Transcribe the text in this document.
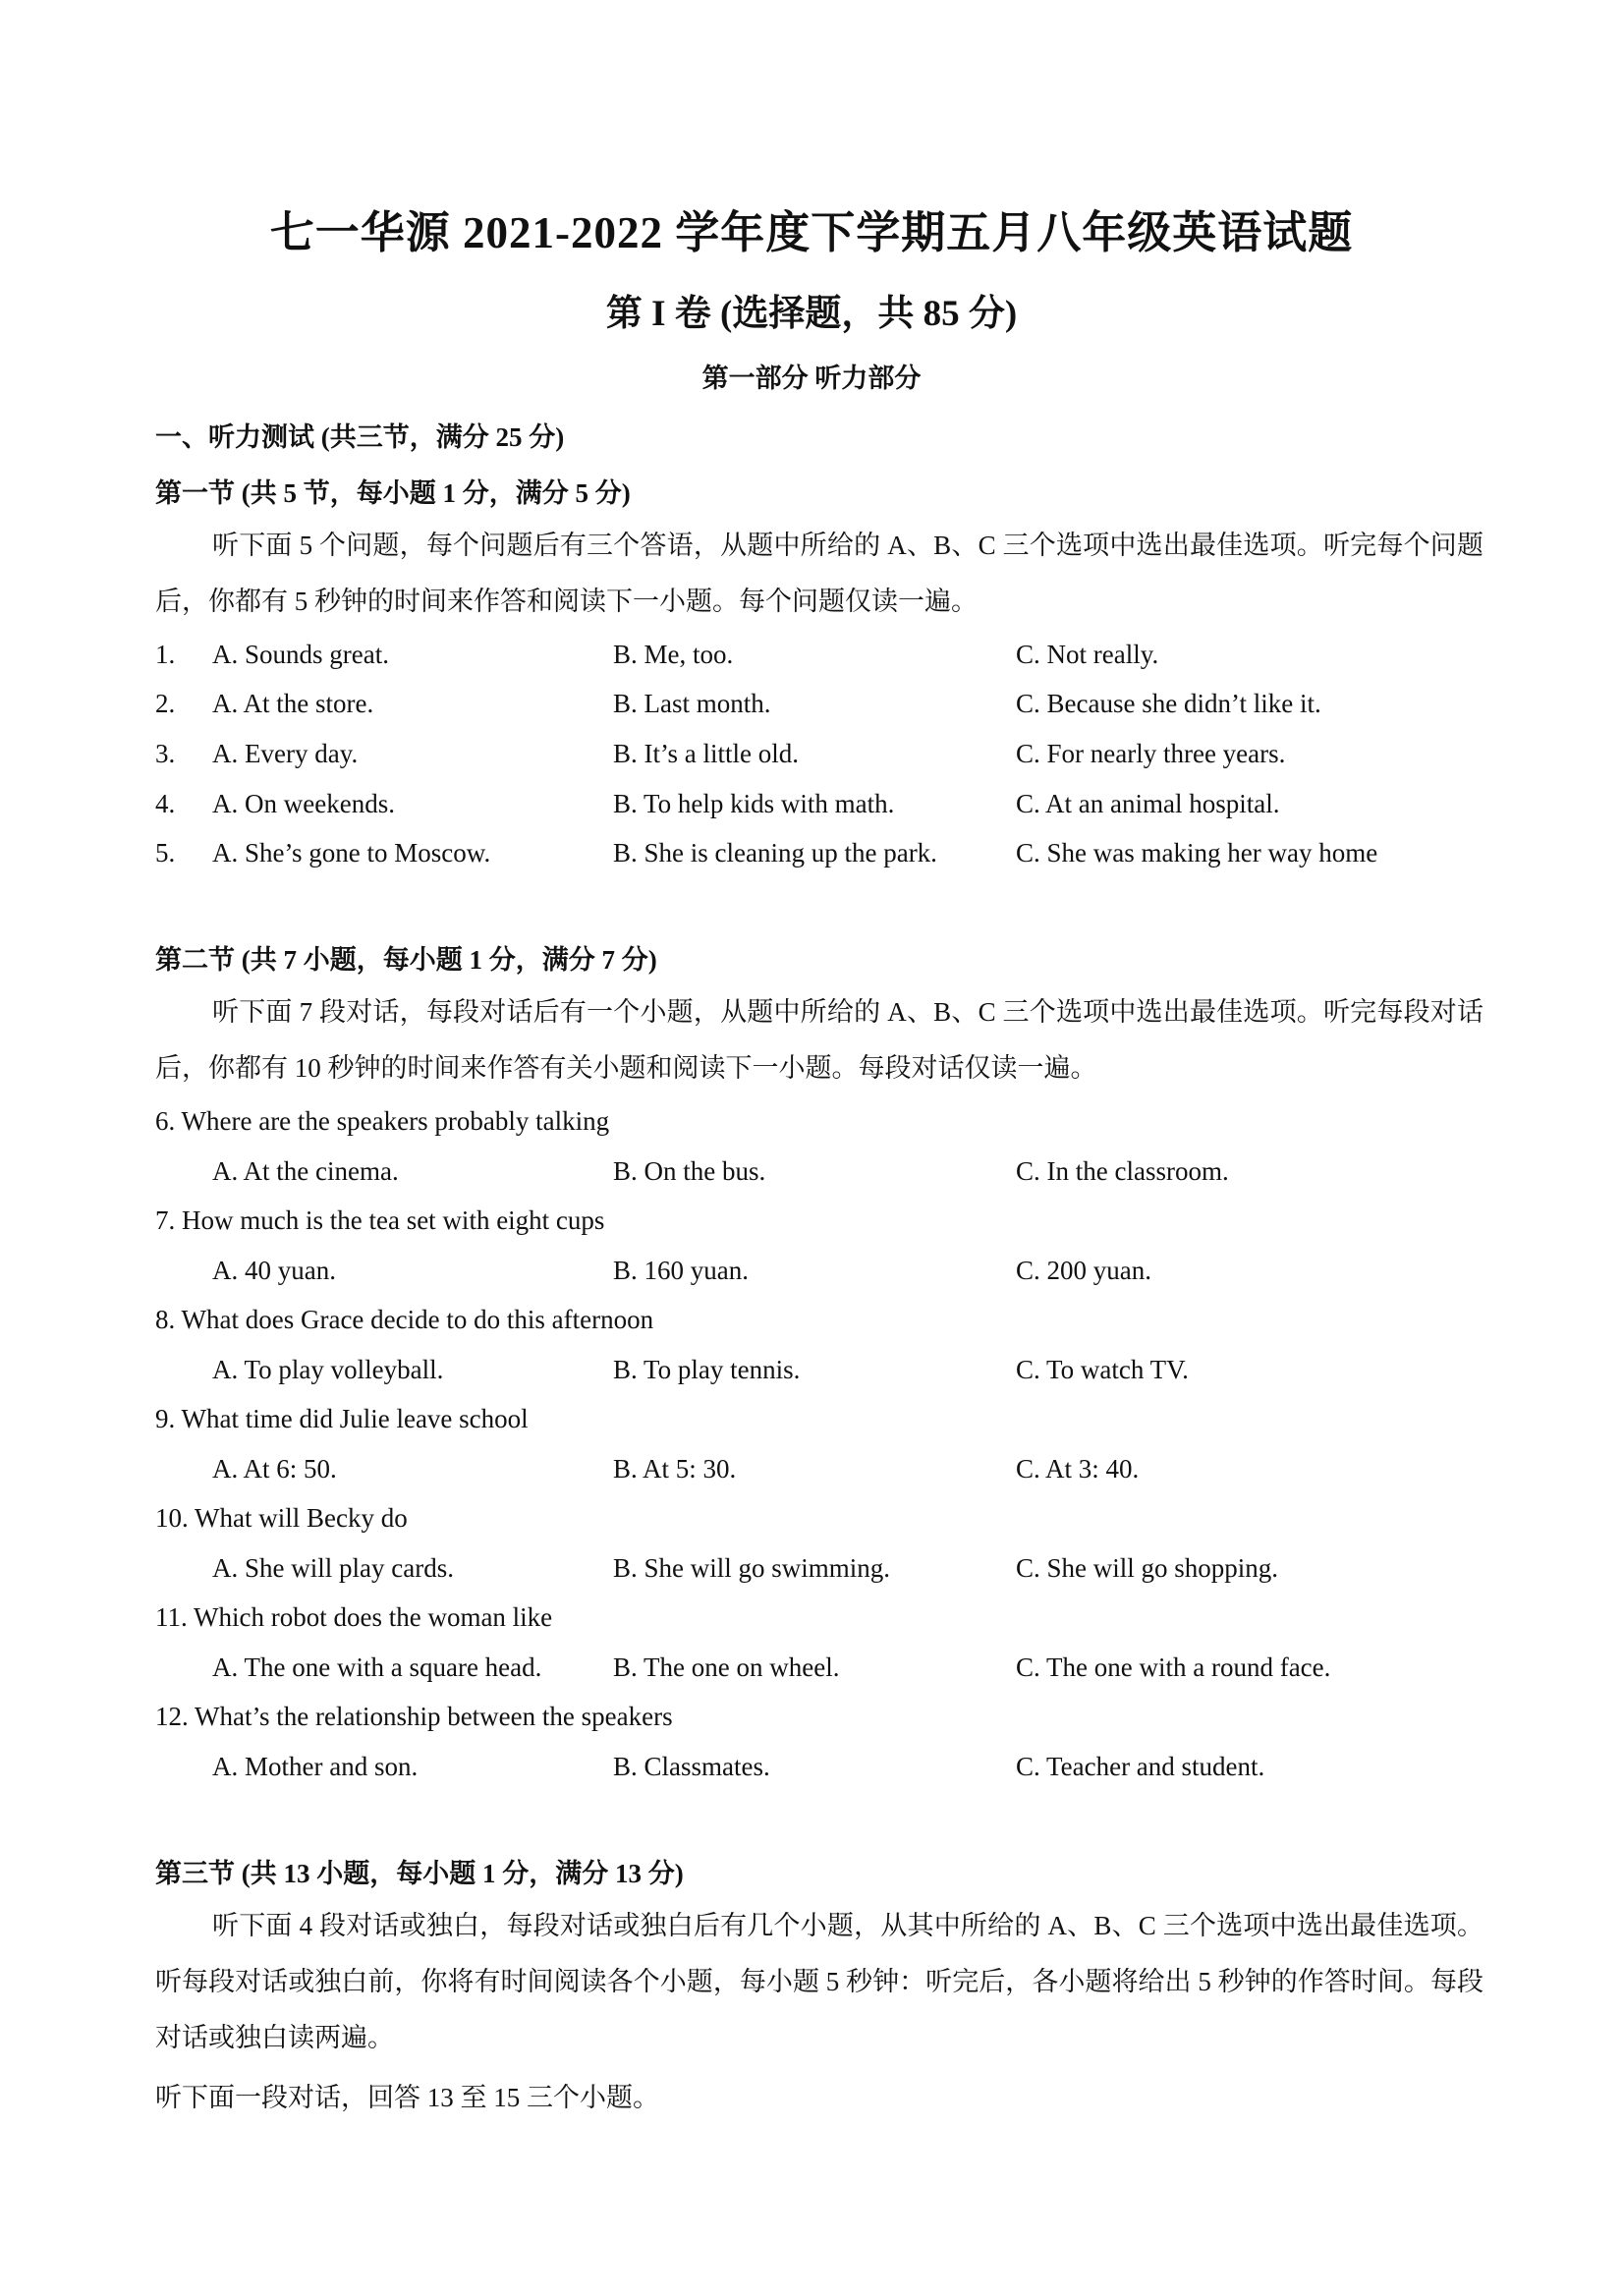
七一华源 2021-2022 学年度下学期五月八年级英语试题
第 I 卷 (选择题，共 85 分)
第一部分 听力部分
一、听力测试 (共三节，满分 25 分)
第一节 (共 5 节，每小题 1 分，满分 5 分)
听下面 5 个问题，每个问题后有三个答语，从题中所给的 A、B、C 三个选项中选出最佳选项。听完每个问题后，你都有 5 秒钟的时间来作答和阅读下一小题。每个问题仅读一遍。
1. A. Sounds great.	B. Me, too.	C. Not really.
2. A. At the store.	B. Last month.	C. Because she didn’t like it.
3. A. Every day.	B. It’s a little old.	C. For nearly three years.
4. A. On weekends.	B. To help kids with math.	C. At an animal hospital.
5. A. She’s gone to Moscow.	B. She is cleaning up the park.	C. She was making her way home
第二节 (共 7 小题，每小题 1 分，满分 7 分)
听下面 7 段对话，每段对话后有一个小题，从题中所给的 A、B、C 三个选项中选出最佳选项。听完每段对话后，你都有 10 秒钟的时间来作答有关小题和阅读下一小题。每段对话仅读一遍。
6. Where are the speakers probably talking
A. At the cinema.	B. On the bus.	C. In the classroom.
7. How much is the tea set with eight cups
A. 40 yuan.	B. 160 yuan.	C. 200 yuan.
8. What does Grace decide to do this afternoon
A. To play volleyball.	B. To play tennis.	C. To watch TV.
9. What time did Julie leave school
A. At 6: 50.	B. At 5: 30.	C. At 3: 40.
10. What will Becky do
A. She will play cards.	B. She will go swimming.	C. She will go shopping.
11. Which robot does the woman like
A. The one with a square head.	B. The one on wheel.	C. The one with a round face.
12. What’s the relationship between the speakers
A. Mother and son.	B. Classmates.	C. Teacher and student.
第三节 (共 13 小题，每小题 1 分，满分 13 分)
听下面 4 段对话或独白，每段对话或独白后有几个小题，从其中所给的 A、B、C 三个选项中选出最佳选项。听每段对话或独白前，你将有时间阅读各个小题，每小题 5 秒钟：听完后，各小题将给出 5 秒钟的作答时间。每段对话或独白读两遍。
听下面一段对话，回答 13 至 15 三个小题。
